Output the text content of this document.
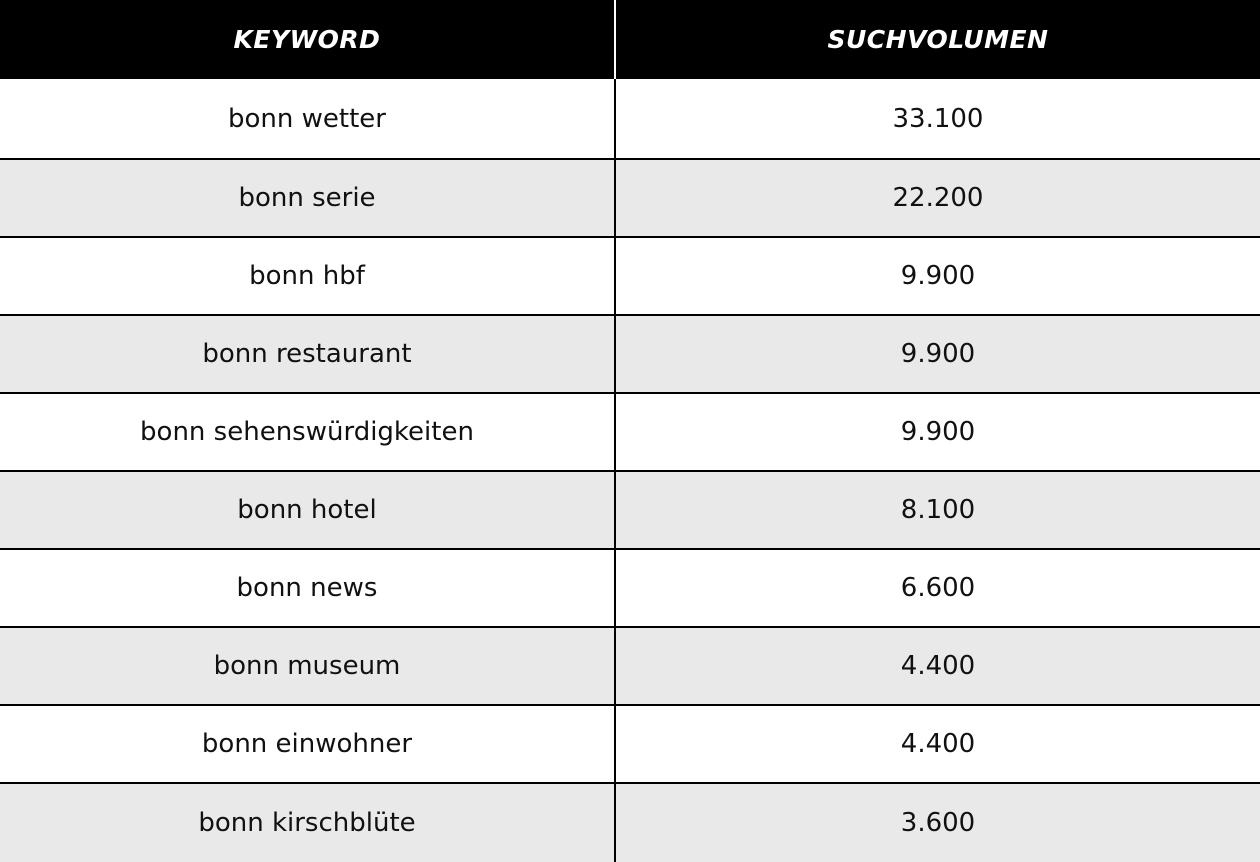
KEYWORD	SUCHVOLUMEN
bonn wetter	33.100
bonn serie	22.200
bonn hbf	9.900
bonn restaurant	9.900
bonn sehenswürdigkeiten	9.900
bonn hotel	8.100
bonn news	6.600
bonn museum	4.400
bonn einwohner	4.400
bonn kirschblüte	3.600
